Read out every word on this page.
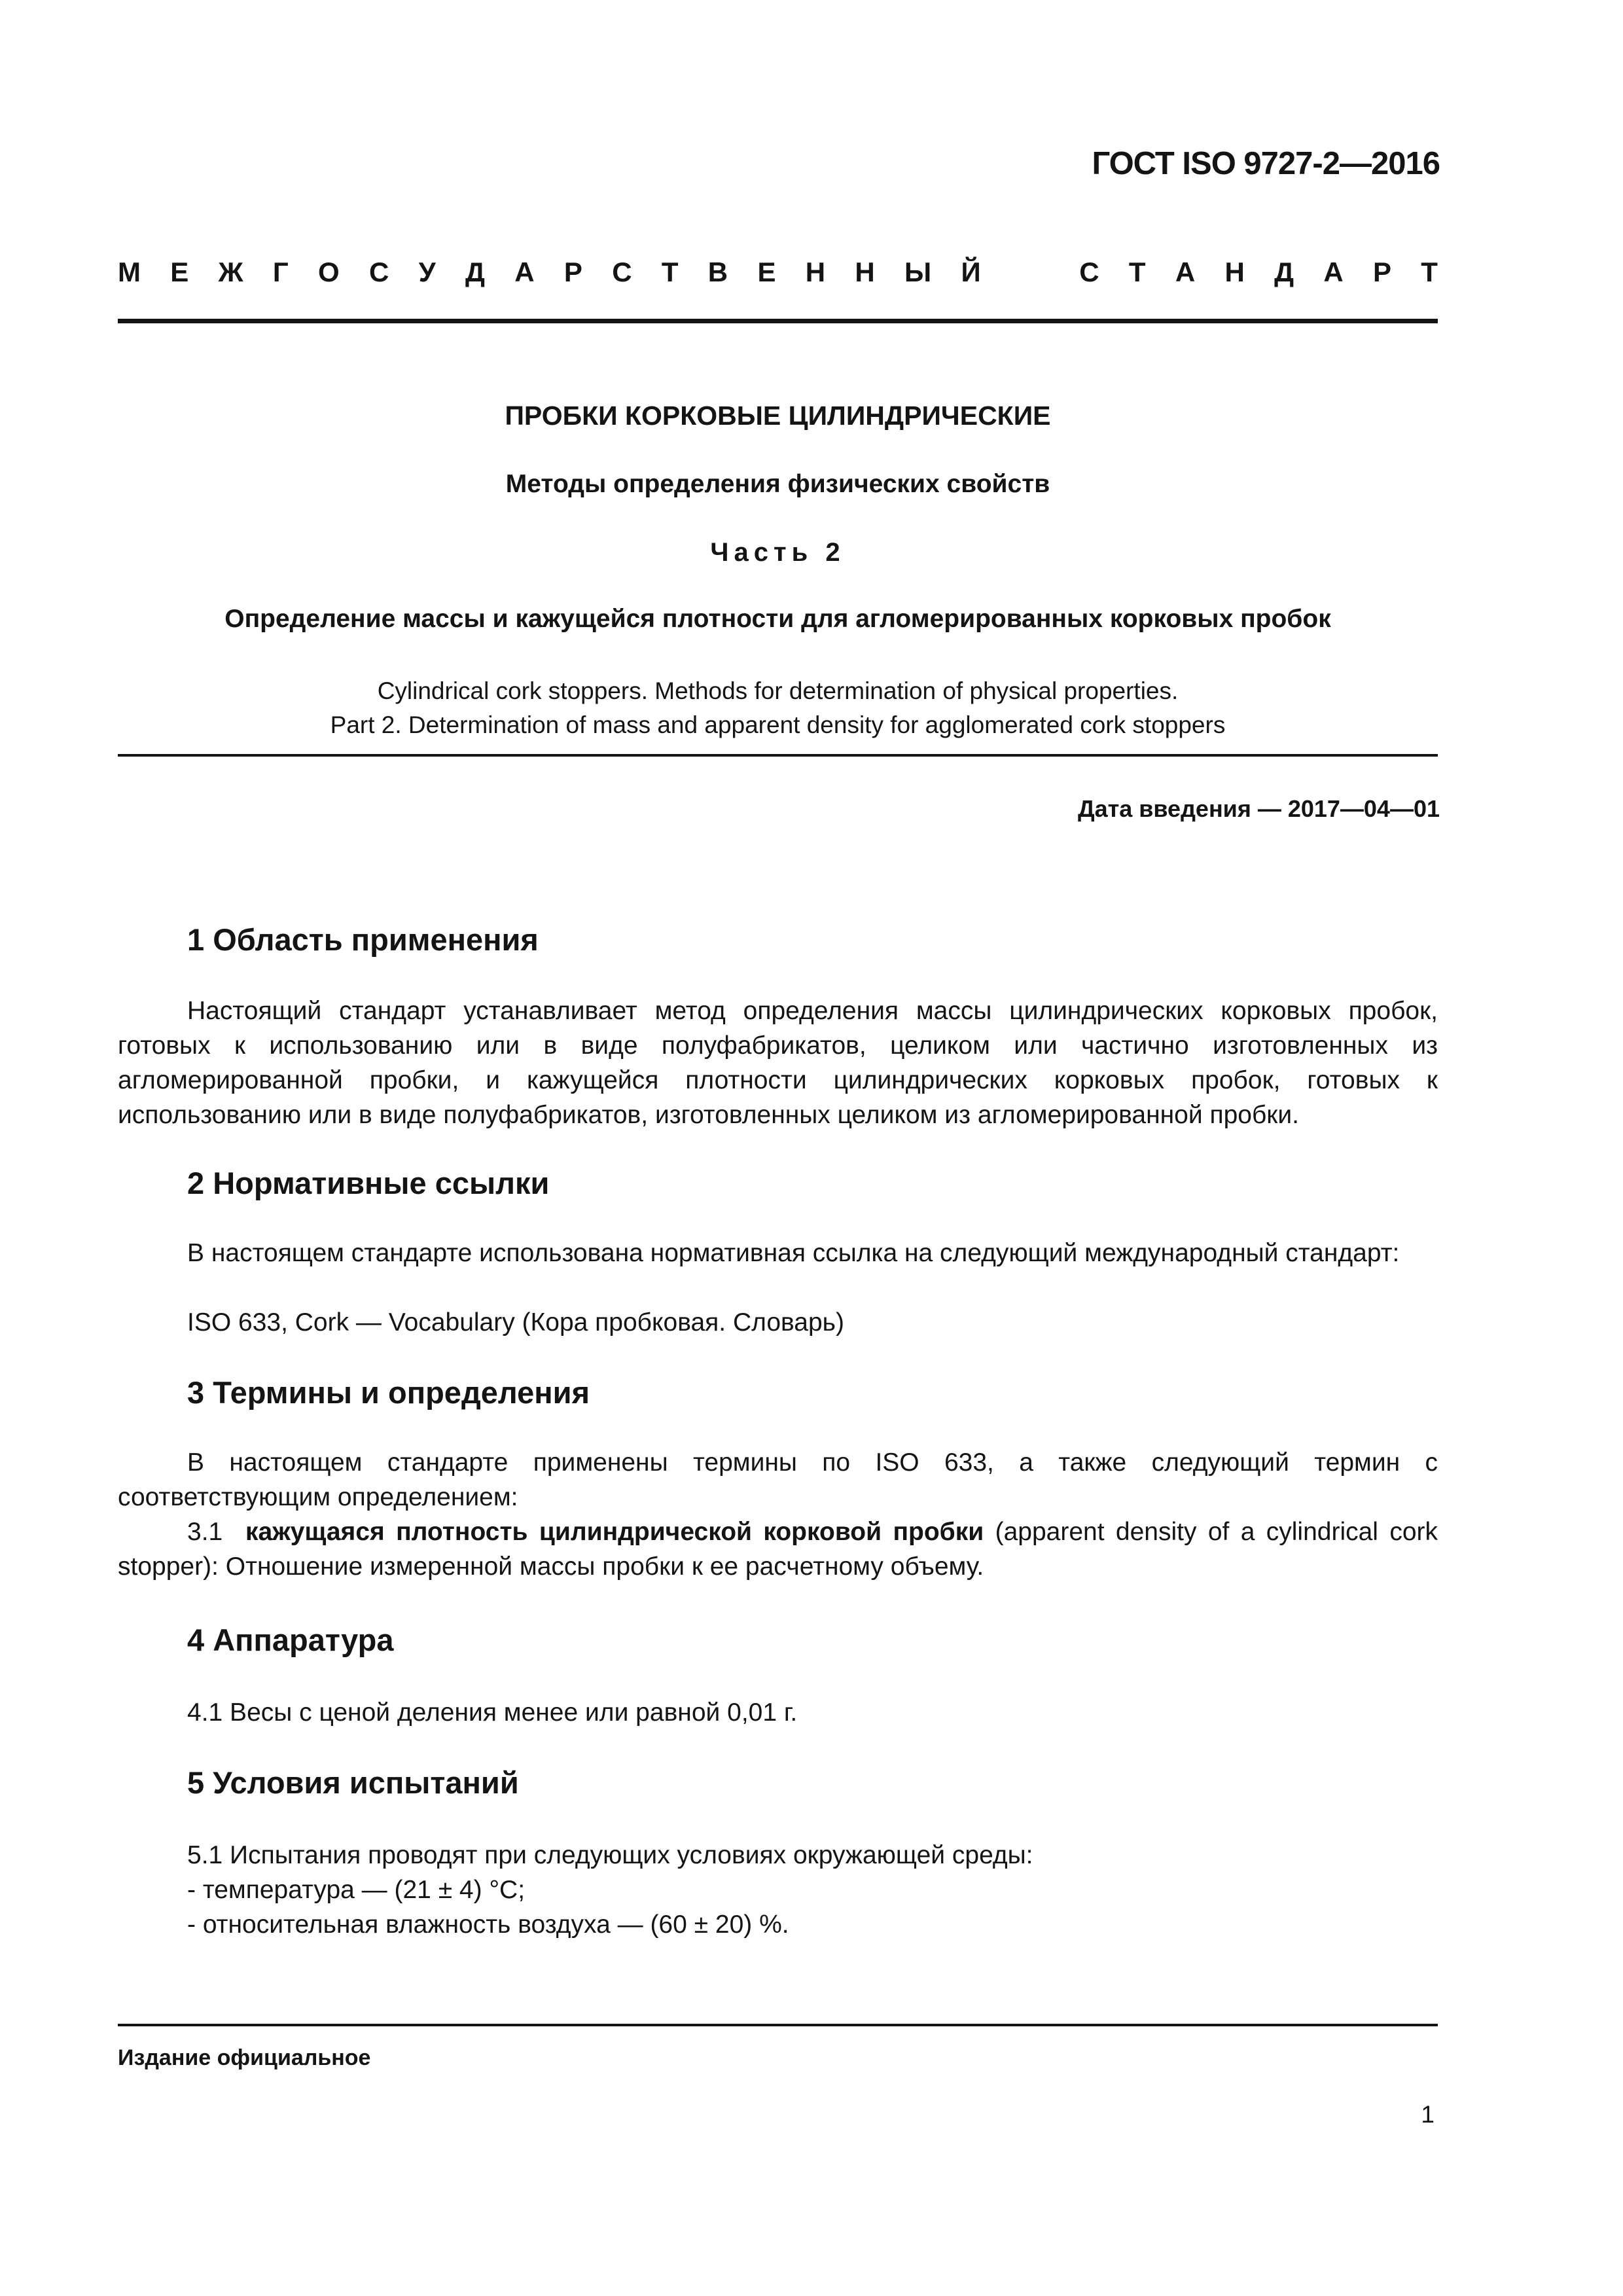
ГОСТ ISO 9727-2—2016
М Е Ж Г О С У Д А Р С Т В Е Н Н Ы Й	С Т А Н Д А Р Т
ПРОБКИ КОРКОВЫЕ ЦИЛИНДРИЧЕСКИЕ
Методы определения физических свойств
Часть 2
Определение массы и кажущейся плотности для агломерированных корковых пробок
Cylindrical cork stoppers. Methods for determination of physical properties.
Part 2. Determination of mass and apparent density for agglomerated cork stoppers
Дата введения — 2017—04—01
1 Область применения
Настоящий стандарт устанавливает метод определения массы цилиндрических корковых пробок, готовых к использованию или в виде полуфабрикатов, целиком или частично изготовленных из агломерированной пробки, и кажущейся плотности цилиндрических корковых пробок, готовых к использованию или в виде полуфабрикатов, изготовленных целиком из агломерированной пробки.
2 Нормативные ссылки
В настоящем стандарте использована нормативная ссылка на следующий международный стандарт:
ISO 633, Cork — Vocabulary (Кора пробковая. Словарь)
3 Термины и определения
В настоящем стандарте применены термины по ISO 633, а также следующий термин с соответствующим определением:
3.1 кажущаяся плотность цилиндрической корковой пробки (apparent density of a cylindrical cork stopper): Отношение измеренной массы пробки к ее расчетному объему.
4 Аппаратура
4.1 Весы с ценой деления менее или равной 0,01 г.
5 Условия испытаний
5.1 Испытания проводят при следующих условиях окружающей среды:
- температура — (21 ± 4) °С;
- относительная влажность воздуха — (60 ± 20) %.
Издание официальное
1
